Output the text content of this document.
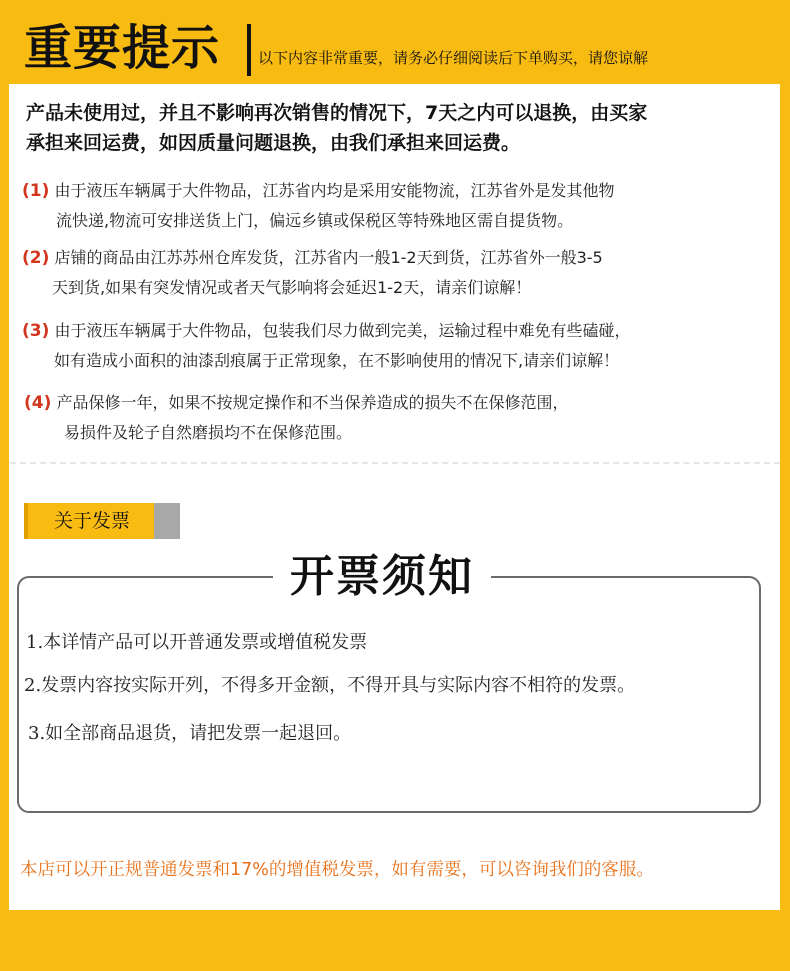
重要提示	以下内容非常重要，请务必仔细阅读后下单购买，请您谅解
产品未使用过，并且不影响再次销售的情况下，7天之内可以退换，由买家
承担来回运费，如因质量问题退换，由我们承担来回运费。
(1) 由于液压车辆属于大件物品，江苏省内均是采用安能物流，江苏省外是发其他物
流快递,物流可安排送货上门，偏远乡镇或保税区等特殊地区需自提货物。
(2) 店铺的商品由江苏苏州仓库发货，江苏省内一般1-2天到货，江苏省外一般3-5
天到货,如果有突发情况或者天气影响将会延迟1-2天，请亲们谅解！
(3) 由于液压车辆属于大件物品，包装我们尽力做到完美，运输过程中难免有些磕碰，
如有造成小面积的油漆刮痕属于正常现象，在不影响使用的情况下,请亲们谅解！
(4) 产品保修一年，如果不按规定操作和不当保养造成的损失不在保修范围，
易损件及轮子自然磨损均不在保修范围。
关于发票
开票须知
1.本详情产品可以开普通发票或增值税发票
2.发票内容按实际开列，不得多开金额，不得开具与实际内容不相符的发票。
3.如全部商品退货，请把发票一起退回。
本店可以开正规普通发票和17%的增值税发票，如有需要，可以咨询我们的客服。
